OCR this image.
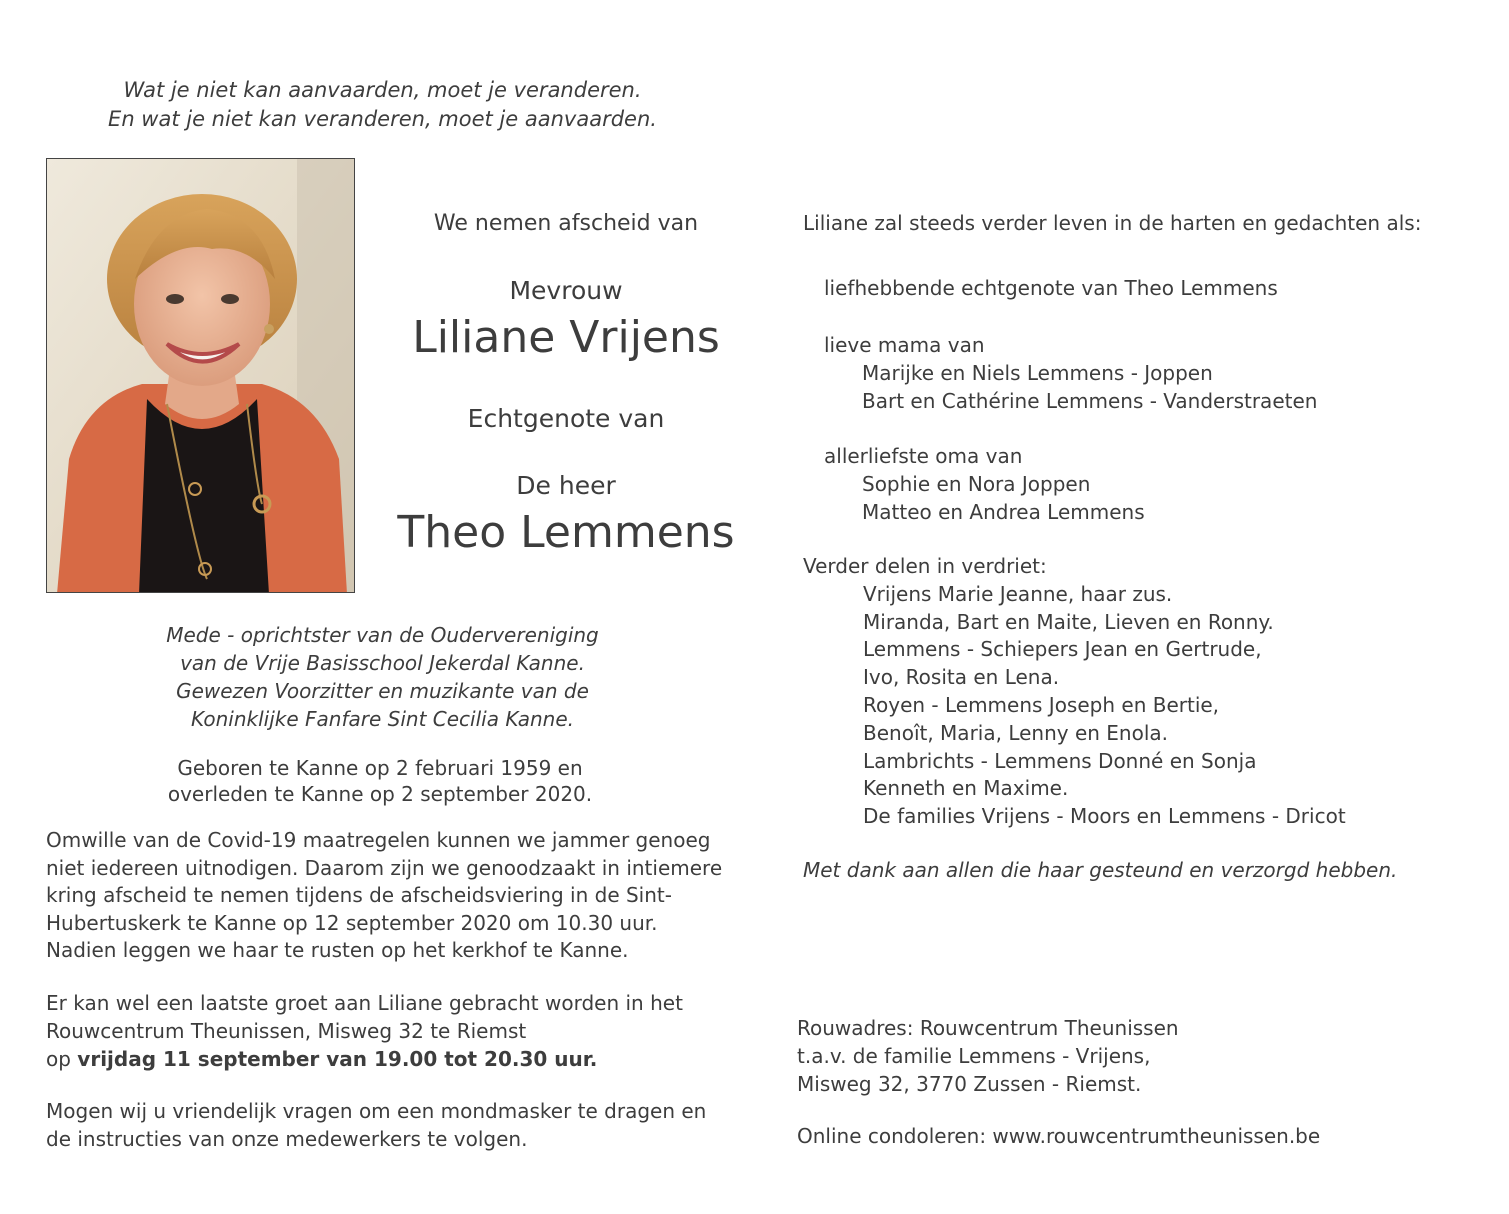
Wat je niet kan aanvaarden, moet je veranderen.
En wat je niet kan veranderen, moet je aanvaarden.
We nemen afscheid van
Mevrouw
Liliane Vrijens
Echtgenote van
De heer
Theo Lemmens
Mede - oprichtster van de Oudervereniging
van de Vrije Basisschool Jekerdal Kanne.
Gewezen Voorzitter en muzikante van de
Koninklijke Fanfare Sint Cecilia Kanne.
Geboren te Kanne op 2 februari 1959 en
overleden te Kanne op 2 september 2020.
Omwille van de Covid-19 maatregelen kunnen we jammer genoeg
niet iedereen uitnodigen. Daarom zijn we genoodzaakt in intiemere
kring afscheid te nemen tijdens de afscheidsviering in de Sint-
Hubertuskerk te Kanne op 12 september 2020 om 10.30 uur.
Nadien leggen we haar te rusten op het kerkhof te Kanne.
Er kan wel een laatste groet aan Liliane gebracht worden in het
Rouwcentrum Theunissen, Misweg 32 te Riemst
op vrijdag 11 september van 19.00 tot 20.30 uur.
Mogen wij u vriendelijk vragen om een mondmasker te dragen en
de instructies van onze medewerkers te volgen.
Liliane zal steeds verder leven in de harten en gedachten als:
liefhebbende echtgenote van Theo Lemmens
lieve mama van
Marijke en Niels Lemmens - Joppen
Bart en Cathérine Lemmens - Vanderstraeten
allerliefste oma van
Sophie en Nora Joppen
Matteo en Andrea Lemmens
Verder delen in verdriet:
Vrijens Marie Jeanne, haar zus.
Miranda, Bart en Maite, Lieven en Ronny.
Lemmens - Schiepers Jean en Gertrude,
Ivo, Rosita en Lena.
Royen - Lemmens Joseph en Bertie,
Benoît, Maria, Lenny en Enola.
Lambrichts - Lemmens Donné en Sonja
Kenneth en Maxime.
De families Vrijens - Moors en Lemmens - Dricot
Met dank aan allen die haar gesteund en verzorgd hebben.
Rouwadres: Rouwcentrum Theunissen
t.a.v. de familie Lemmens - Vrijens,
Misweg 32, 3770 Zussen - Riemst.
Online condoleren: www.rouwcentrumtheunissen.be
